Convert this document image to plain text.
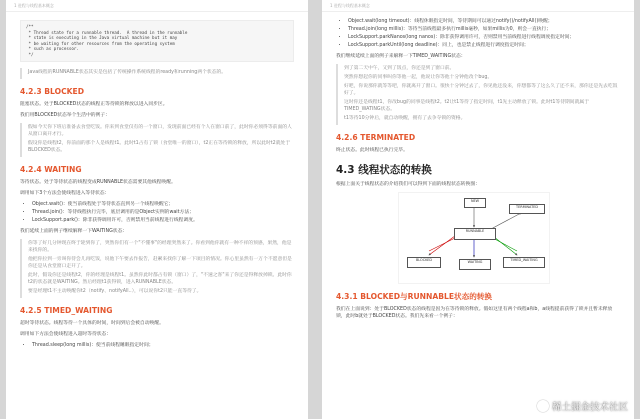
1 进程与线程基本概念
/**
* Thread state for a runnable thread.  A thread in the runnable
* state is executing in the Java virtual machine but it may
* be waiting for other resources from the operating system
* such as processor.
*/

Java线程的RUNNABLE状态其实是包括了传统操作系统线程的ready和running两个状态的。

4.2.3 BLOCKED
阻塞状态。处于BLOCKED状态的线程正等待锁的释放以进入同步区。
我们用BLOCKED状态举个生活中的例子：

假如今天你下班后准备去食堂吃饭。你来到食堂仅有的一个窗口，发现前面已经有个人在窗口前了，此时你必须得等前面的人从窗口离开才行。

假设你是线程t2，你前面的那个人是线程t1。此时t1占有了锁（食堂唯一的窗口），t2正在等待锁的释放，所以此时t2就处于BLOCKED状态。

4.2.4 WAITING
等待状态。处于等待状态的线程变成RUNNABLE状态需要其他线程唤醒。
调用如下3个方法会使线程进入等待状态：
• Object.wait()：使当前线程处于等待状态直到另一个线程唤醒它；
• Thread.join()：等待线程执行完毕，底层调用的是Object实例的wait方法；
• LockSupport.park()：除非获得调用许可，否则禁用当前线程进行线程调度。
我们延续上面的例子继续解释一下WAITING状态：

你等了好几分钟现在终于轮到你了，突然你们有一个"不懂事"的经理突然来了。你看到他你就有一种不祥的预感，果然，他是来找你的。

他把你拉到一旁叫你待会儿再吃饭，说他下午要去作报告，赶紧来找你了解一下项目的情况。你心里虽然有一万个不愿意但是你还是从食堂窗口走开了。

此时，假设你还是线程t2，你的经理是线程t1。虽然你此时都占有锁（窗口）了，"不速之客"来了你还是得释放掉锁。此时你t2的状态就是WAITING。然后经理t1获得锁，进入RUNNABLE状态。

要是经理t1不主动唤醒你t2（notify、notifyAll..），可以说你t2只能一直等待了。

4.2.5 TIMED_WAITING
超时等待状态。线程等待一个具体的时间，时间到后会被自动唤醒。
调用如下方法会使线程进入超时等待状态：
• Thread.sleep(long millis)：使当前线程睡眠指定时间；
1 进程与线程基本概念
• Object.wait(long timeout)：线程休眠指定时间，等待期间可以通过notify()/notifyAll()唤醒；
• Thread.join(long millis)：等待当前线程最多执行millis毫秒，如果millis为0，则会一直执行；
• LockSupport.parkNanos(long nanos)：除非获得调用许可，否则禁用当前线程进行线程调度指定时间；
• LockSupport.parkUntil(long deadline)：同上，也是禁止线程进行调度指定时间；
我们继续延续上面的例子来解释一下TIMED_WAITING状态：

到了第二天中午，又到了饭点，你还是到了窗口前。

突然你想起你的同事叫你等他一起，他说让你等他十分钟他改个bug。

好吧，你说那你就等等吧，你就离开了窗口。很快十分钟过去了，你见他还没来，你想都等了这么久了还不来，那你还是先去吃饭好了。

这时你还是线程t1，你改bug的同事是线程t2。t2让t1等待了指定时间，t1先主动释放了锁。此时t1等待期间就属于TIMED_WATING状态。

t1等待10分钟后，就自动唤醒，拥有了去争夺锁的资格。

4.2.6 TERMINATED
终止状态。此时线程已执行完毕。
4.3 线程状态的转换
根据上面关于线程状态的介绍我们可以得到下面的线程状态转换图：
NEW
RUNNABLE
BLOCKED	WAITING	TIMED_WAITING
TERMINATED
4.3.1 BLOCKED与RUNNABLE状态的转换
我们在上面说到：处于BLOCKED状态的线程是因为在等待锁的释放。假如这里有两个线程a和b，a线程提前获得了锁并且暂未释放锁，此时b就处于BLOCKED状态。我们先来看一个例子：
稀土掘金技术社区
